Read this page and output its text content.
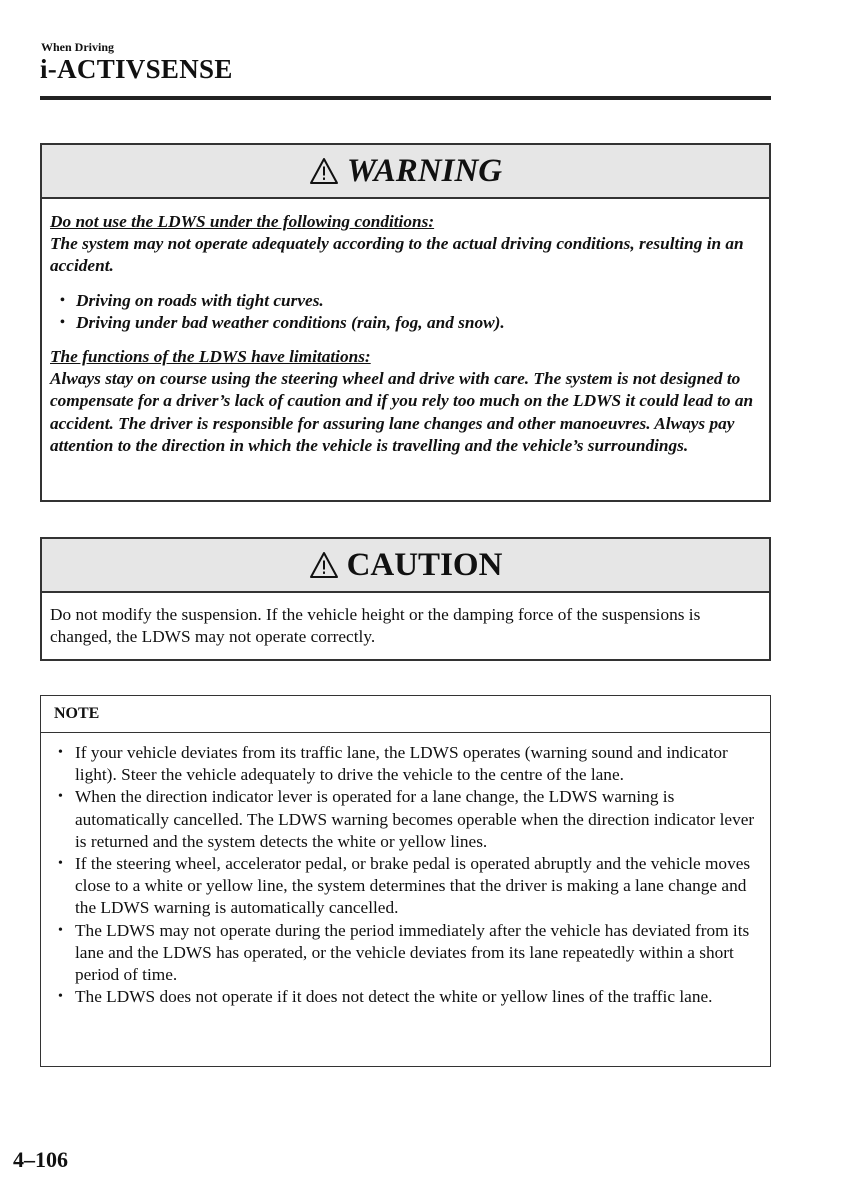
When Driving
i-ACTIVSENSE
WARNING
Do not use the LDWS under the following conditions:
The system may not operate adequately according to the actual driving conditions, resulting in an accident.
• Driving on roads with tight curves.
• Driving under bad weather conditions (rain, fog, and snow).
The functions of the LDWS have limitations:
Always stay on course using the steering wheel and drive with care. The system is not designed to compensate for a driver’s lack of caution and if you rely too much on the LDWS it could lead to an accident. The driver is responsible for assuring lane changes and other manoeuvres. Always pay attention to the direction in which the vehicle is travelling and the vehicle’s surroundings.
CAUTION
Do not modify the suspension. If the vehicle height or the damping force of the suspensions is changed, the LDWS may not operate correctly.
NOTE
• If your vehicle deviates from its traffic lane, the LDWS operates (warning sound and indicator light). Steer the vehicle adequately to drive the vehicle to the centre of the lane.
• When the direction indicator lever is operated for a lane change, the LDWS warning is automatically cancelled. The LDWS warning becomes operable when the direction indicator lever is returned and the system detects the white or yellow lines.
• If the steering wheel, accelerator pedal, or brake pedal is operated abruptly and the vehicle moves close to a white or yellow line, the system determines that the driver is making a lane change and the LDWS warning is automatically cancelled.
• The LDWS may not operate during the period immediately after the vehicle has deviated from its lane and the LDWS has operated, or the vehicle deviates from its lane repeatedly within a short period of time.
• The LDWS does not operate if it does not detect the white or yellow lines of the traffic lane.
4–106
